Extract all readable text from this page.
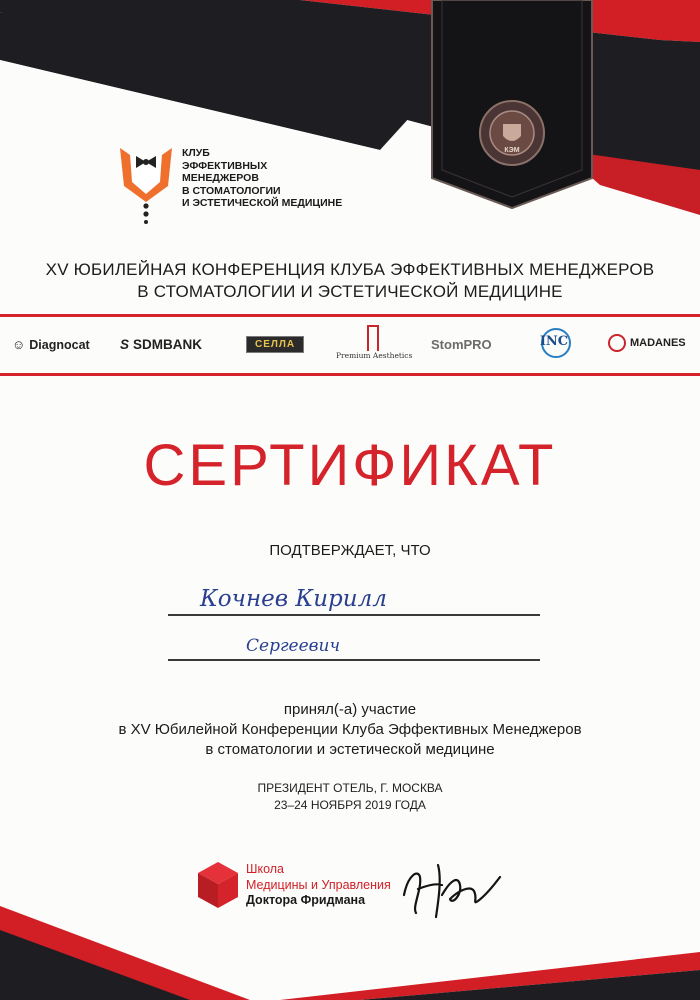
КЭМ
КЛУБ
ЭФФЕКТИВНЫХ
МЕНЕДЖЕРОВ
В СТОМАТОЛОГИИ
И ЭСТЕТИЧЕСКОЙ МЕДИЦИНЕ
XV ЮБИЛЕЙНАЯ КОНФЕРЕНЦИЯ КЛУБА ЭФФЕКТИВНЫХ МЕНЕДЖЕРОВ
В СТОМАТОЛОГИИ И ЭСТЕТИЧЕСКОЙ МЕДИЦИНЕ
☺ Diagnocat S SDMBANK	СЕЛЛА
Premium Aesthetics
StomPRO	INC	MADANES
СЕРТИФИКАТ
ПОДТВЕРЖДАЕТ, ЧТО
Кочнев Кирилл
Сергеевич
принял(-а) участие
в XV Юбилейной Конференции Клуба Эффективных Менеджеров
в стоматологии и эстетической медицине
ПРЕЗИДЕНТ ОТЕЛЬ, Г. МОСКВА
23–24 НОЯБРЯ 2019 ГОДА
Школа
Медицины и Управления
Доктора Фридмана
